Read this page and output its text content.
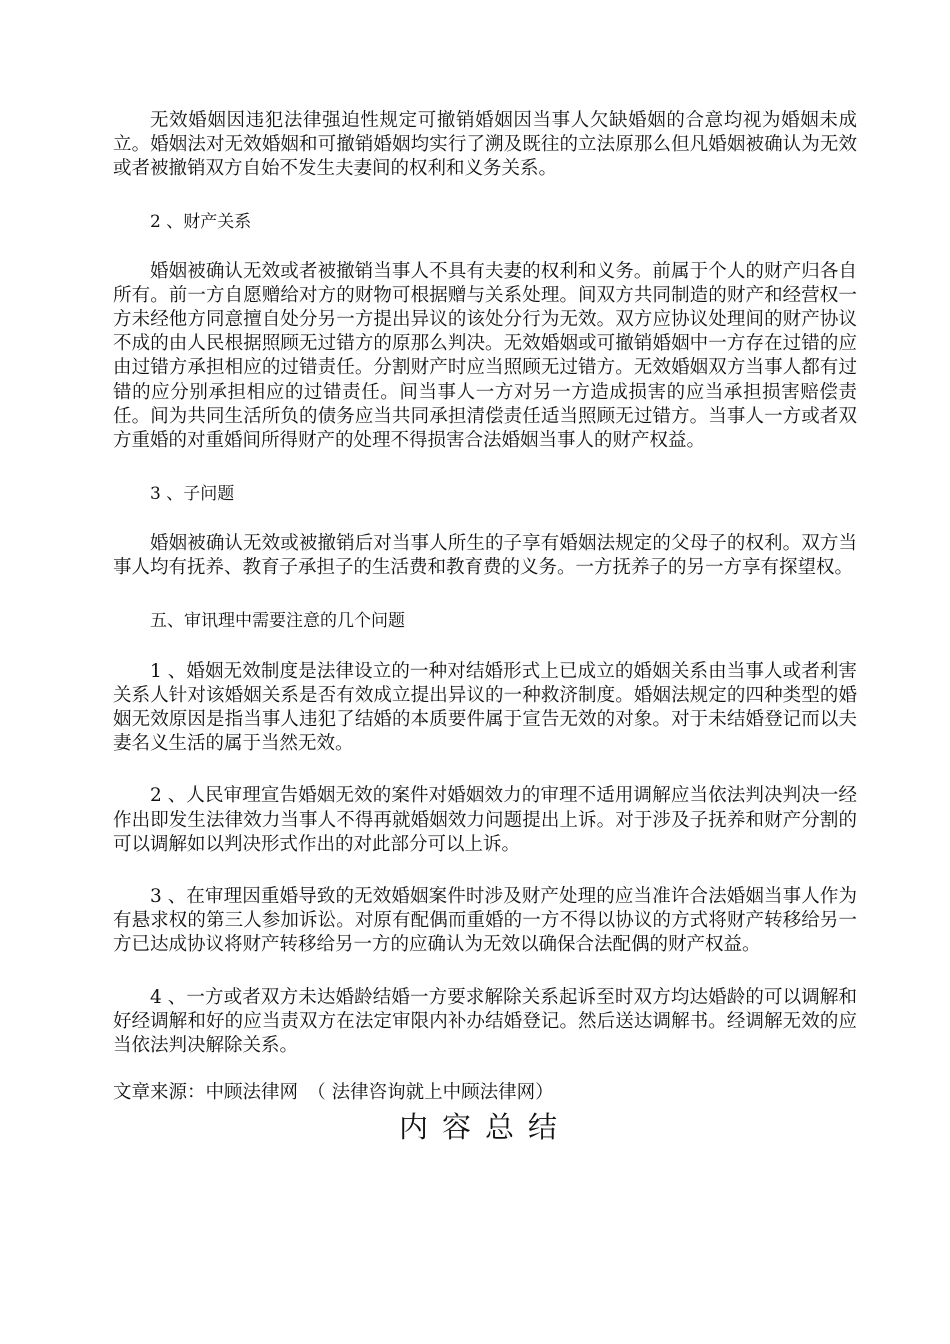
无效婚姻因违犯法律强迫性规定可撤销婚姻因当事人欠缺婚姻的合意均视为婚姻未成立。婚姻法对无效婚姻和可撤销婚姻均实行了溯及既往的立法原那么但凡婚姻被确认为无效或者被撤销双方自始不发生夫妻间的权利和义务关系。

2 、财产关系

婚姻被确认无效或者被撤销当事人不具有夫妻的权利和义务。前属于个人的财产归各自所有。前一方自愿赠给对方的财物可根据赠与关系处理。间双方共同制造的财产和经营权一方未经他方同意擅自处分另一方提出异议的该处分行为无效。双方应协议处理间的财产协议不成的由人民根据照顾无过错方的原那么判决。无效婚姻或可撤销婚姻中一方存在过错的应由过错方承担相应的过错责任。分割财产时应当照顾无过错方。无效婚姻双方当事人都有过错的应分别承担相应的过错责任。间当事人一方对另一方造成损害的应当承担损害赔偿责任。间为共同生活所负的债务应当共同承担清偿责任适当照顾无过错方。当事人一方或者双方重婚的对重婚间所得财产的处理不得损害合法婚姻当事人的财产权益。

3 、子问题

婚姻被确认无效或被撤销后对当事人所生的子享有婚姻法规定的父母子的权利。双方当事人均有抚养、教育子承担子的生活费和教育费的义务。一方抚养子的另一方享有探望权。

五、审讯理中需要注意的几个问题

1 、婚姻无效制度是法律设立的一种对结婚形式上已成立的婚姻关系由当事人或者利害关系人针对该婚姻关系是否有效成立提出异议的一种救济制度。婚姻法规定的四种类型的婚姻无效原因是指当事人违犯了结婚的本质要件属于宣告无效的对象。对于未结婚登记而以夫妻名义生活的属于当然无效。

2 、人民审理宣告婚姻无效的案件对婚姻效力的审理不适用调解应当依法判决判决一经作出即发生法律效力当事人不得再就婚姻效力问题提出上诉。对于涉及子抚养和财产分割的可以调解如以判决形式作出的对此部分可以上诉。

3 、在审理因重婚导致的无效婚姻案件时涉及财产处理的应当准许合法婚姻当事人作为有悬求权的第三人参加诉讼。对原有配偶而重婚的一方不得以协议的方式将财产转移给另一方已达成协议将财产转移给另一方的应确认为无效以确保合法配偶的财产权益。

4 、一方或者双方未达婚龄结婚一方要求解除关系起诉至时双方均达婚龄的可以调解和好经调解和好的应当责双方在法定审限内补办结婚登记。然后送达调解书。经调解无效的应当依法判决解除关系。

文章来源：中顾法律网　（ 法律咨询就上中顾法律网）

内容总结
